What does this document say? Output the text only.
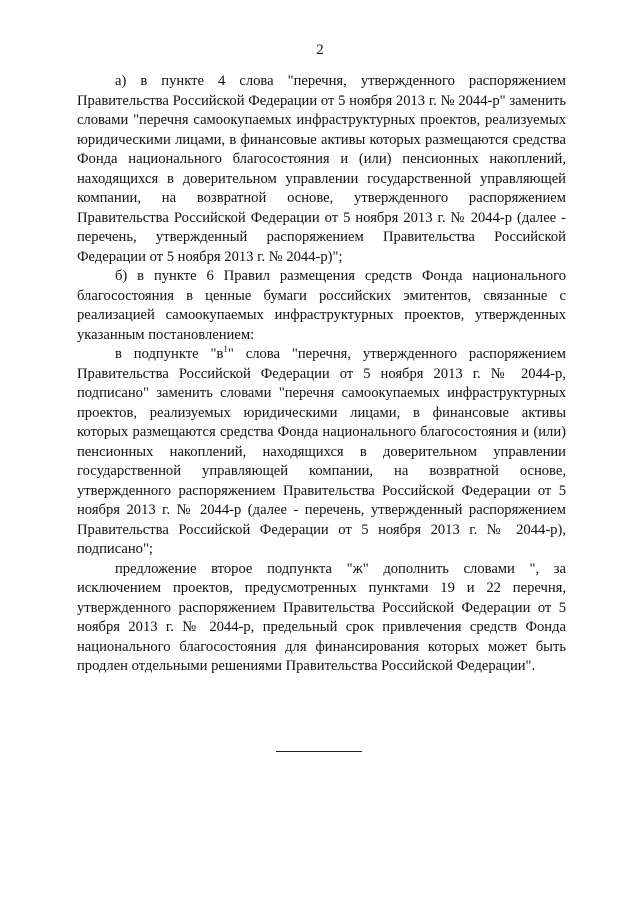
2

а) в пункте 4 слова "перечня, утвержденного распоряжением Правительства Российской Федерации от 5 ноября 2013 г. № 2044-р" заменить словами "перечня самоокупаемых инфраструктурных проектов, реализуемых юридическими лицами, в финансовые активы которых размещаются средства Фонда национального благосостояния и (или) пенсионных накоплений, находящихся в доверительном управлении государственной управляющей компании, на возвратной основе, утвержденного распоряжением Правительства Российской Федерации от 5 ноября 2013 г. № 2044-р (далее - перечень, утвержденный распоряжением Правительства Российской Федерации от 5 ноября 2013 г. № 2044-р)";

б) в пункте 6 Правил размещения средств Фонда национального благосостояния в ценные бумаги российских эмитентов, связанные с реализацией самоокупаемых инфраструктурных проектов, утвержденных указанным постановлением:

в подпункте "$в^1$" слова "перечня, утвержденного распоряжением Правительства Российской Федерации от 5 ноября 2013 г. № 2044-р, подписано" заменить словами "перечня самоокупаемых инфраструктурных проектов, реализуемых юридическими лицами, в финансовые активы которых размещаются средства Фонда национального благосостояния и (или) пенсионных накоплений, находящихся в доверительном управлении государственной управляющей компании, на возвратной основе, утвержденного распоряжением Правительства Российской Федерации от 5 ноября 2013 г. № 2044-р (далее - перечень, утвержденный распоряжением Правительства Российской Федерации от 5 ноября 2013 г. № 2044-р), подписано";

предложение второе подпункта "ж" дополнить словами ", за исключением проектов, предусмотренных пунктами 19 и 22 перечня, утвержденного распоряжением Правительства Российской Федерации от 5 ноября 2013 г. № 2044-р, предельный срок привлечения средств Фонда национального благосостояния для финансирования которых может быть продлен отдельными решениями Правительства Российской Федерации".
